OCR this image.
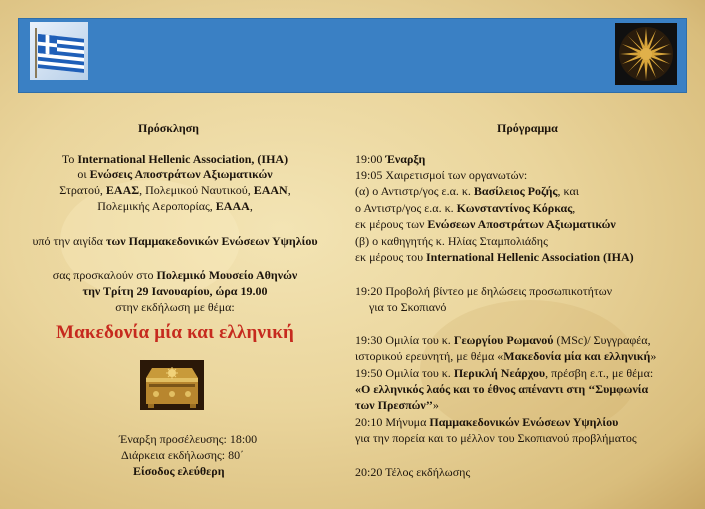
Πρόσκληση
Το International Hellenic Association, (IHA)
οι Ενώσεις Αποστράτων Αξιωματικών
Στρατού, ΕΑΑΣ, Πολεμικού Ναυτικού, ΕΑΑΝ,
Πολεμικής Αεροπορίας, ΕΑΑΑ,
υπό την αιγίδα των Παμμακεδονικών Ενώσεων Υψηλίου
σας προσκαλούν στο Πολεμικό Μουσείο Αθηνών
την Τρίτη 29 Ιανουαρίου, ώρα 19.00
στην εκδήλωση με θέμα:
Μακεδονία μία και ελληνική
Έναρξη προσέλευσης: 18:00
Διάρκεια εκδήλωσης: 80΄
Είσοδος ελεύθερη
Πρόγραμμα
19:00 Έναρξη
19:05 Χαιρετισμοί των οργανωτών:
(α) ο Αντιστρ/γος ε.α. κ. Βασίλειος Ροζής, και
ο Αντιστρ/γος ε.α. κ. Κωνσταντίνος Κόρκας,
εκ μέρους των Ενώσεων Αποστράτων Αξιωματικών
(β) ο καθηγητής κ. Ηλίας Σταμπολιάδης
εκ μέρους του International Hellenic Association (IHA)
19:20 Προβολή βίντεο με δηλώσεις προσωπικοτήτων
για το Σκοπιανό
19:30 Ομιλία του κ. Γεωργίου Ρωμανού (MSc)/ Συγγραφέα,
ιστορικού ερευνητή, με θέμα «Μακεδονία μία και ελληνική»
19:50 Ομιλία του κ. Περικλή Νεάρχου, πρέσβη ε.τ., με θέμα:
«Ο ελληνικός λαός και το έθνος απέναντι στη ‘‘Συμφωνία
των Πρεσπών’’»
20:10 Μήνυμα Παμμακεδονικών Ενώσεων Υψηλίου
για την πορεία και το μέλλον του Σκοπιανού προβλήματος
20:20 Τέλος εκδήλωσης
